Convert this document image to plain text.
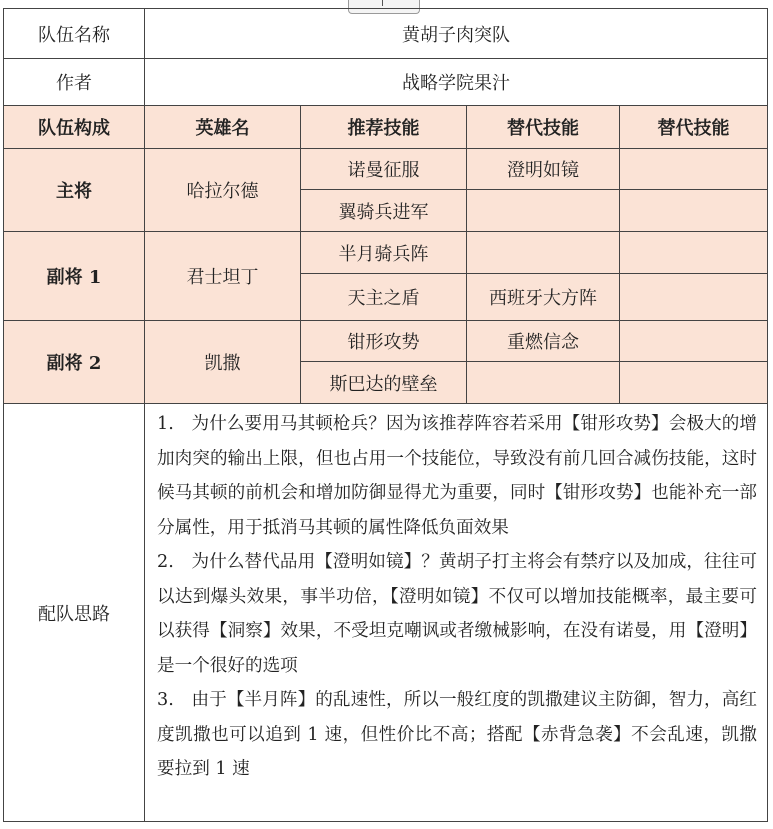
队伍名称	黄胡子肉突队			
作者	战略学院果汁			
队伍构成	英雄名	推荐技能	替代技能	替代技能
主将	哈拉尔德	诺曼征服	澄明如镜	
		翼骑兵进军		
副将 1	君士坦丁	半月骑兵阵		
		天主之盾	西班牙大方阵	
副将 2	凯撒	钳形攻势	重燃信念	
		斯巴达的壁垒		
配队思路	1.　为什么要用马其顿枪兵？因为该推荐阵容若采用【钳形攻势】会极大的增加肉突的输出上限，但也占用一个技能位，导致没有前几回合减伤技能，这时候马其顿的前机会和增加防御显得尤为重要，同时【钳形攻势】也能补充一部分属性，用于抵消马其顿的属性降低负面效果

2.　为什么替代品用【澄明如镜】？黄胡子打主将会有禁疗以及加成，往往可以达到爆头效果，事半功倍，【澄明如镜】不仅可以增加技能概率，最主要可以获得【洞察】效果，不受坦克嘲讽或者缴械影响，在没有诺曼，用【澄明】是一个很好的选项

3.　由于【半月阵】的乱速性，所以一般红度的凯撒建议主防御，智力，高红度凯撒也可以追到 1 速，但性价比不高；搭配【赤背急袭】不会乱速，凯撒要拉到 1 速			
